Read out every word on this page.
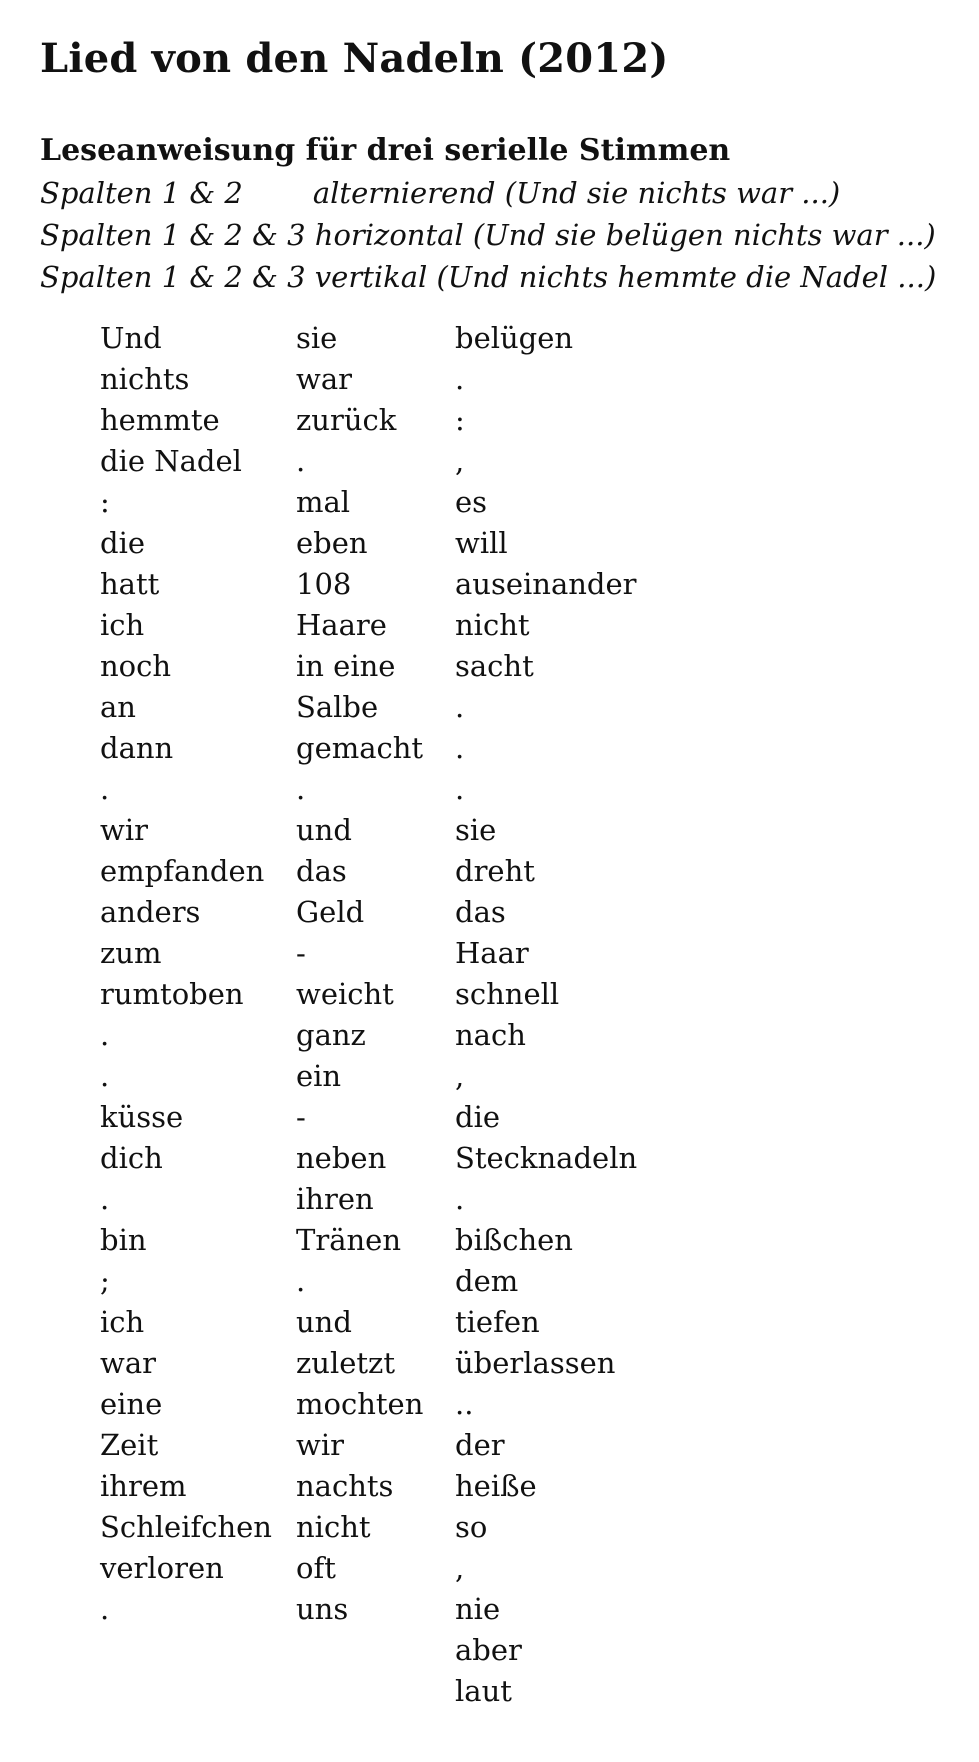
Lied von den Nadeln (2012)
Leseanweisung für drei serielle Stimmen
Spalten 1 & 2 alternierend (Und sie nichts war ...)
Spalten 1 & 2 & 3 horizontal (Und sie belügen nichts war ...)
Spalten 1 & 2 & 3 vertikal (Und nichts hemmte die Nadel ...)
Und
nichts
hemmte
die Nadel
:
die
hatt
ich
noch
an
dann
.
wir
empfanden
anders
zum
rumtoben
.
.
küsse
dich
.
bin
;
ich
war
eine
Zeit
ihrem
Schleifchen
verloren
.
sie
war
zurück
.
mal
eben
108
Haare
in eine
Salbe
gemacht
.
und
das
Geld
-
weicht
ganz
ein
-
neben
ihren
Tränen
.
und
zuletzt
mochten
wir
nachts
nicht
oft
uns
belügen
.
:
,
es
will
auseinander
nicht
sacht
.
.
.
sie
dreht
das
Haar
schnell
nach
,
die
Stecknadeln
.
bißchen
dem
tiefen
überlassen
..
der
heiße
so
,
nie
aber
laut
